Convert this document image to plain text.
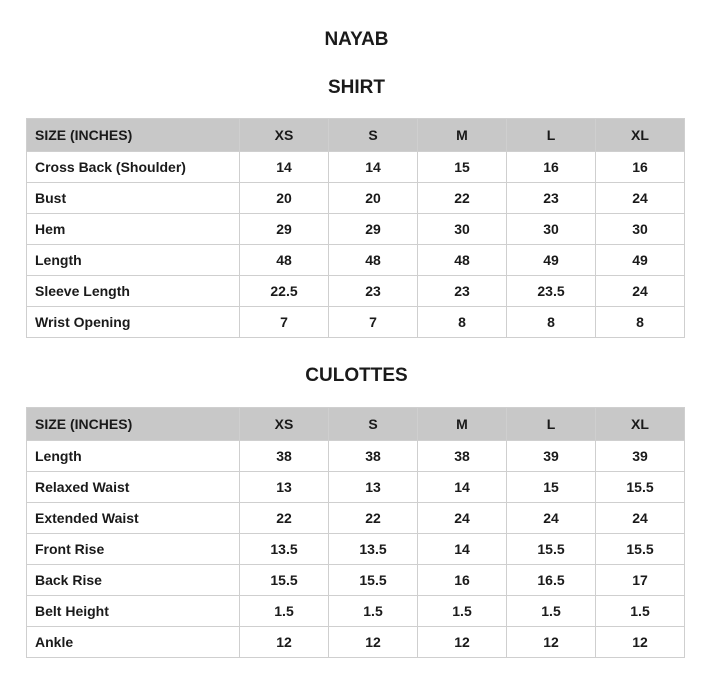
NAYAB
SHIRT
SIZE (INCHES)	XS	S	M	L	XL
Cross Back (Shoulder)	14	14	15	16	16
Bust	20	20	22	23	24
Hem	29	29	30	30	30
Length	48	48	48	49	49
Sleeve Length	22.5	23	23	23.5	24
Wrist Opening	7	7	8	8	8
CULOTTES
SIZE (INCHES)	XS	S	M	L	XL
Length	38	38	38	39	39
Relaxed Waist	13	13	14	15	15.5
Extended Waist	22	22	24	24	24
Front Rise	13.5	13.5	14	15.5	15.5
Back Rise	15.5	15.5	16	16.5	17
Belt Height	1.5	1.5	1.5	1.5	1.5
Ankle	12	12	12	12	12
